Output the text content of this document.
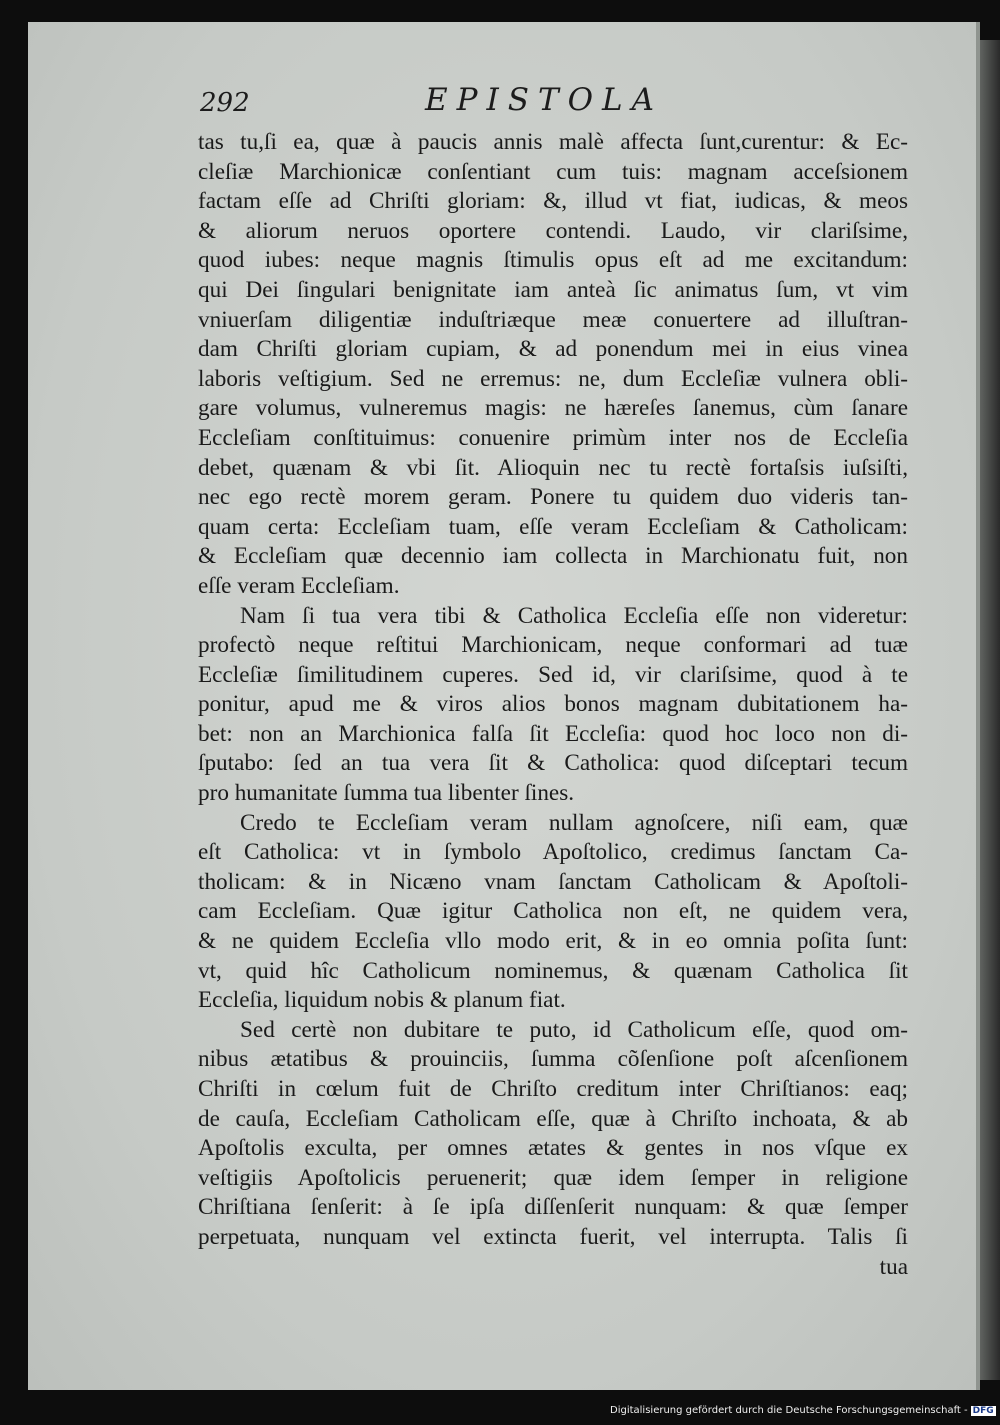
292	EPISTOLA
tas tu,ſi ea, quæ à paucis annis malè affecta ſunt,curentur: & Ec-
cleſiæ Marchionicæ conſentiant cum tuis: magnam acceſsionem
factam eſſe ad Chriſti gloriam: &, illud vt fiat, iudicas, & meos
& aliorum neruos oportere contendi. Laudo, vir clariſsime,
quod iubes: neque magnis ſtimulis opus eſt ad me excitandum:
qui Dei ſingulari benignitate iam anteà ſic animatus ſum, vt vim
vniuerſam diligentiæ induſtriæque meæ conuertere ad illuſtran-
dam Chriſti gloriam cupiam, & ad ponendum mei in eius vinea
laboris veſtigium. Sed ne erremus: ne, dum Eccleſiæ vulnera obli-
gare volumus, vulneremus magis: ne hæreſes ſanemus, cùm ſanare
Eccleſiam conſtituimus: conuenire primùm inter nos de Eccleſia
debet, quænam & vbi ſit. Alioquin nec tu rectè fortaſsis iuſsiſti,
nec ego rectè morem geram. Ponere tu quidem duo videris tan-
quam certa: Eccleſiam tuam, eſſe veram Eccleſiam & Catholicam:
& Eccleſiam quæ decennio iam collecta in Marchionatu fuit, non
eſſe veram Eccleſiam.
Nam ſi tua vera tibi & Catholica Eccleſia eſſe non videretur:
profectò neque reſtitui Marchionicam, neque conformari ad tuæ
Eccleſiæ ſimilitudinem cuperes. Sed id, vir clariſsime, quod à te
ponitur, apud me & viros alios bonos magnam dubitationem ha-
bet: non an Marchionica falſa ſit Eccleſia: quod hoc loco non di-
ſputabo: ſed an tua vera ſit & Catholica: quod diſceptari tecum
pro humanitate ſumma tua libenter ſines.
Credo te Eccleſiam veram nullam agnoſcere, niſi eam, quæ
eſt Catholica: vt in ſymbolo Apoſtolico, credimus ſanctam Ca-
tholicam: & in Nicæno vnam ſanctam Catholicam & Apoſtoli-
cam Eccleſiam. Quæ igitur Catholica non eſt, ne quidem vera,
& ne quidem Eccleſia vllo modo erit, & in eo omnia poſita ſunt:
vt, quid hîc Catholicum nominemus, & quænam Catholica ſit
Eccleſia, liquidum nobis & planum fiat.
Sed certè non dubitare te puto, id Catholicum eſſe, quod om-
nibus ætatibus & prouinciis, ſumma cõſenſione poſt aſcenſionem
Chriſti in cœlum fuit de Chriſto creditum inter Chriſtianos: eaq;
de cauſa, Eccleſiam Catholicam eſſe, quæ à Chriſto inchoata, & ab
Apoſtolis exculta, per omnes ætates & gentes in nos vſque ex
veſtigiis Apoſtolicis peruenerit; quæ idem ſemper in religione
Chriſtiana ſenſerit: à ſe ipſa diſſenſerit nunquam: & quæ ſemper
perpetuata, nunquam vel extincta fuerit, vel interrupta. Talis ſi
tua
Digitalisierung gefördert durch die Deutsche Forschungsgemeinschaft - DFG
